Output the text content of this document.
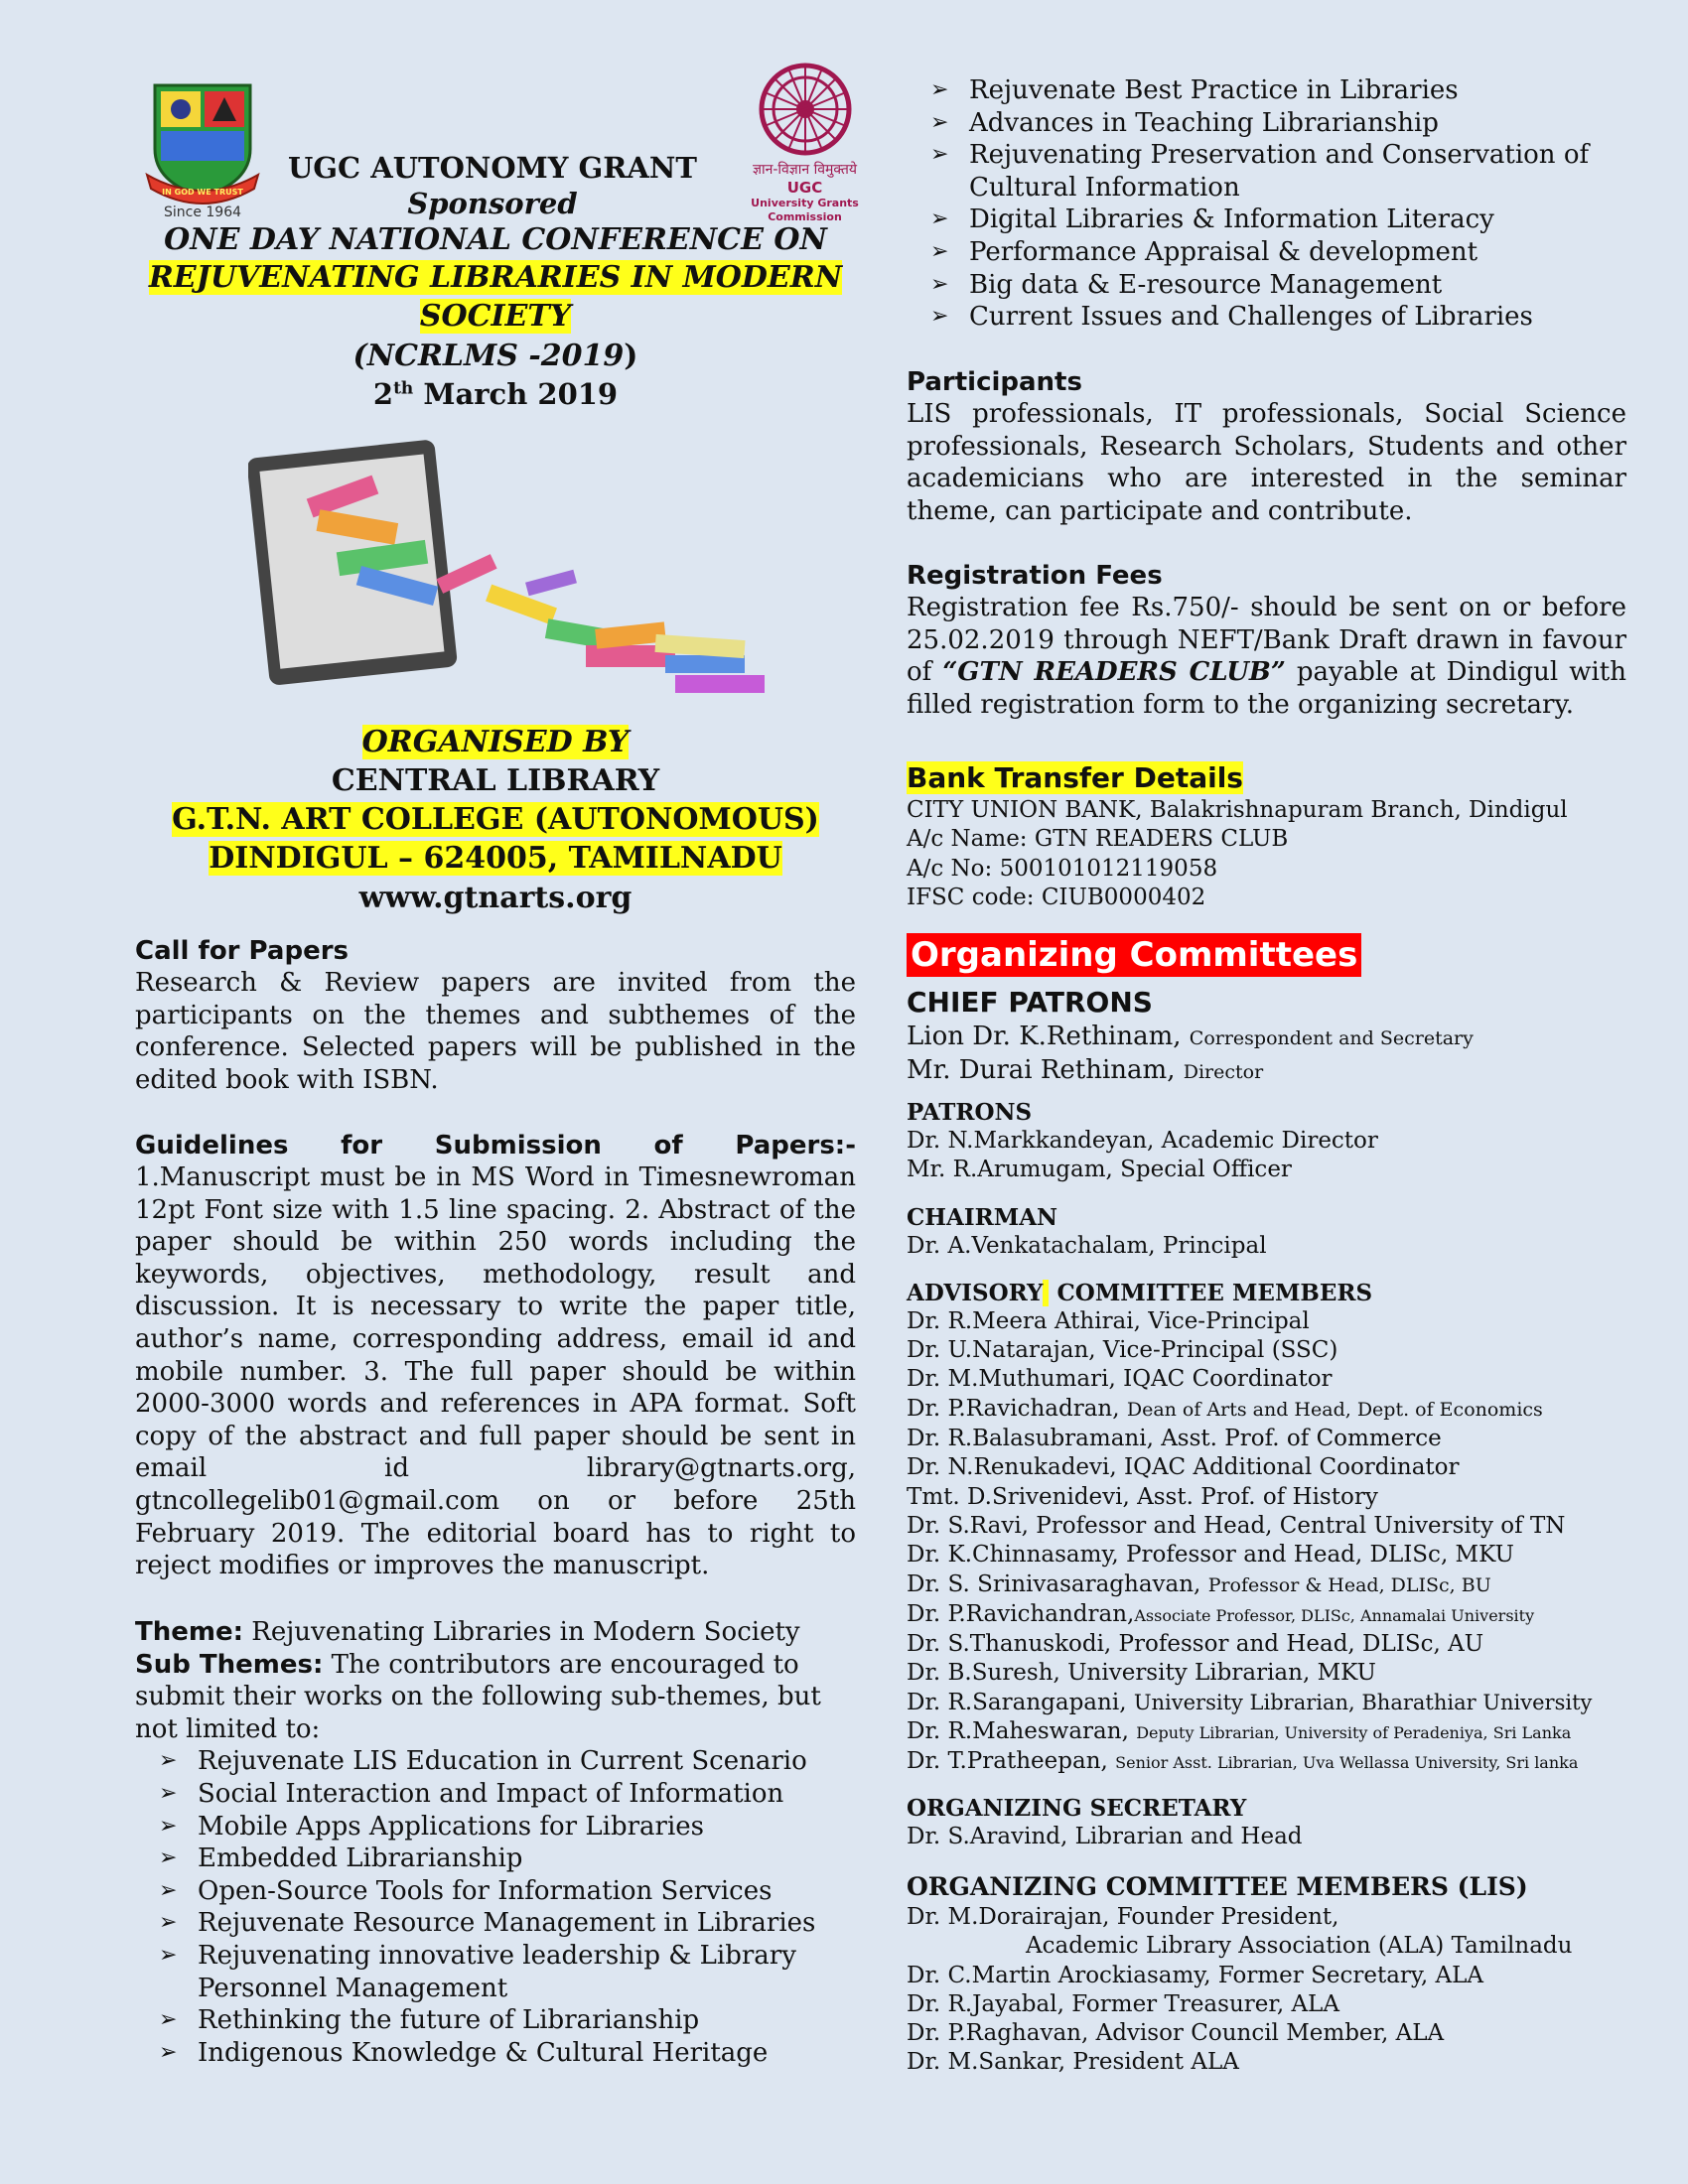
IN GOD WE TRUST
Since 1964
ज्ञान-विज्ञान विमुक्तये
UGC
University Grants Commission
UGC AUTONOMY GRANT
Sponsored
ONE DAY NATIONAL CONFERENCE ON
REJUVENATING LIBRARIES IN MODERN
SOCIETY
(NCRLMS -2019)
2th March 2019
ORGANISED BY
CENTRAL LIBRARY
G.T.N. ART COLLEGE (AUTONOMOUS)
DINDIGUL – 624005, TAMILNADU
www.gtnarts.org
Call for Papers
Research & Review papers are invited from the participants on the themes and subthemes of the conference. Selected papers will be published in the edited book with ISBN.
Guidelines for Submission of Papers:-
1.Manuscript must be in MS Word in Timesnewroman 12pt Font size with 1.5 line spacing. 2. Abstract of the paper should be within 250 words including the keywords, objectives, methodology, result and discussion. It is necessary to write the paper title, author’s name, corresponding address, email id and mobile number. 3. The full paper should be within 2000-3000 words and references in APA format. Soft copy of the abstract and full paper should be sent in email id library@gtnarts.org, gtncollegelib01@gmail.com on or before 25th February 2019. The editorial board has to right to reject modifies or improves the manuscript.
Theme: Rejuvenating Libraries in Modern Society
Sub Themes: The contributors are encouraged to submit their works on the following sub-themes, but not limited to:
➢ Rejuvenate LIS Education in Current Scenario
➢ Social Interaction and Impact of Information
➢ Mobile Apps Applications for Libraries
➢ Embedded Librarianship
➢ Open-Source Tools for Information Services
➢ Rejuvenate Resource Management in Libraries
➢ Rejuvenating innovative leadership & Library Personnel Management
➢ Rethinking the future of Librarianship
➢ Indigenous Knowledge & Cultural Heritage
➢ Rejuvenate Best Practice in Libraries
➢ Advances in Teaching Librarianship
➢ Rejuvenating Preservation and Conservation of Cultural Information
➢ Digital Libraries & Information Literacy
➢ Performance Appraisal & development
➢ Big data & E-resource Management
➢ Current Issues and Challenges of Libraries
Participants
LIS professionals, IT professionals, Social Science professionals, Research Scholars, Students and other academicians who are interested in the seminar theme, can participate and contribute.
Registration Fees
Registration fee Rs.750/- should be sent on or before 25.02.2019 through NEFT/Bank Draft drawn in favour of “GTN READERS CLUB” payable at Dindigul with filled registration form to the organizing secretary.
Bank Transfer Details
CITY UNION BANK, Balakrishnapuram Branch, Dindigul
A/c Name: GTN READERS CLUB
A/c No: 500101012119058
IFSC code: CIUB0000402
Organizing Committees
CHIEF PATRONS
Lion Dr. K.Rethinam, Correspondent and Secretary
Mr. Durai Rethinam, Director
PATRONS
Dr. N.Markkandeyan, Academic Director
Mr. R.Arumugam, Special Officer
CHAIRMAN
Dr. A.Venkatachalam, Principal
ADVISORY COMMITTEE MEMBERS
Dr. R.Meera Athirai, Vice-Principal
Dr. U.Natarajan, Vice-Principal (SSC)
Dr. M.Muthumari, IQAC Coordinator
Dr. P.Ravichadran, Dean of Arts and Head, Dept. of Economics
Dr. R.Balasubramani, Asst. Prof. of Commerce
Dr. N.Renukadevi, IQAC Additional Coordinator
Tmt. D.Srivenidevi, Asst. Prof. of History
Dr. S.Ravi, Professor and Head, Central University of TN
Dr. K.Chinnasamy, Professor and Head, DLISc, MKU
Dr. S. Srinivasaraghavan, Professor & Head, DLISc, BU
Dr. P.Ravichandran,Associate Professor, DLISc, Annamalai University
Dr. S.Thanuskodi, Professor and Head, DLISc, AU
Dr. B.Suresh, University Librarian, MKU
Dr. R.Sarangapani, University Librarian, Bharathiar University
Dr. R.Maheswaran, Deputy Librarian, University of Peradeniya, Sri Lanka
Dr. T.Pratheepan, Senior Asst. Librarian, Uva Wellassa University, Sri lanka
ORGANIZING SECRETARY
Dr. S.Aravind, Librarian and Head
ORGANIZING COMMITTEE MEMBERS (LIS)
Dr. M.Dorairajan, Founder President,
Academic Library Association (ALA) Tamilnadu
Dr. C.Martin Arockiasamy, Former Secretary, ALA
Dr. R.Jayabal, Former Treasurer, ALA
Dr. P.Raghavan, Advisor Council Member, ALA
Dr. M.Sankar, President ALA
